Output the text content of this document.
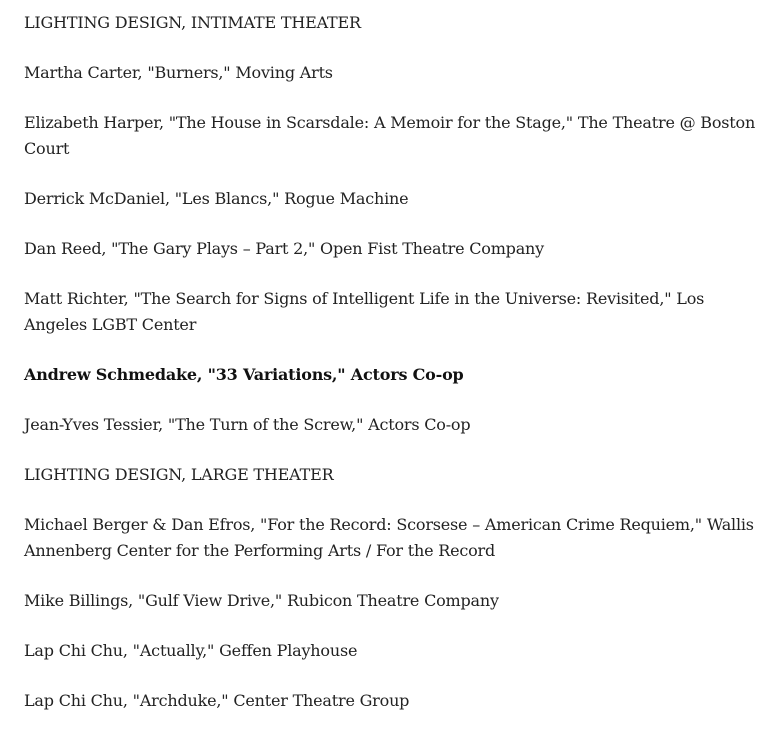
LIGHTING DESIGN, INTIMATE THEATER

Martha Carter, "Burners," Moving Arts

Elizabeth Harper, "The House in Scarsdale: A Memoir for the Stage," The Theatre @ Boston Court

Derrick McDaniel, "Les Blancs," Rogue Machine

Dan Reed, "The Gary Plays – Part 2," Open Fist Theatre Company

Matt Richter, "The Search for Signs of Intelligent Life in the Universe: Revisited," Los Angeles LGBT Center

Andrew Schmedake, "33 Variations," Actors Co-op

Jean-Yves Tessier, "The Turn of the Screw," Actors Co-op

LIGHTING DESIGN, LARGE THEATER

Michael Berger & Dan Efros, "For the Record: Scorsese – American Crime Requiem," Wallis Annenberg Center for the Performing Arts / For the Record

Mike Billings, "Gulf View Drive," Rubicon Theatre Company

Lap Chi Chu, "Actually," Geffen Playhouse

Lap Chi Chu, "Archduke," Center Theatre Group
